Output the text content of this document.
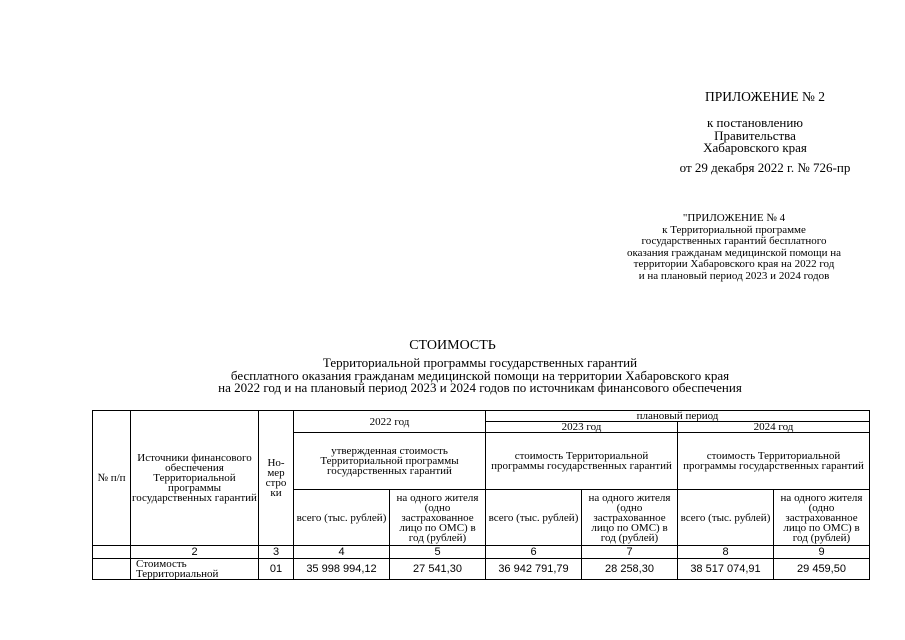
ПРИЛОЖЕНИЕ № 2
к постановлению
Правительства
Хабаровского края
от 29 декабря 2022 г. № 726-пр
"ПРИЛОЖЕНИЕ № 4
к Территориальной программе
государственных гарантий бесплатного
оказания гражданам медицинской помощи на
территории Хабаровского края на 2022 год
и на плановый период 2023 и 2024 годов
СТОИМОСТЬ
Территориальной программы государственных гарантий
бесплатного оказания гражданам медицинской помощи на территории Хабаровского края
на 2022 год и на плановый период 2023 и 2024 годов по источникам финансового обеспечения
№ п/п	Источники финансового обеспечения Территориальной программы государственных гарантий	Но-мер стро ки	2022 год		плановый период			
					2023 год		2024 год	
			утвержденная стоимость Территориальной программы государственных гарантий		стоимость Территориальной программы государственных гарантий		стоимость Территориальной программы государственных гарантий	
			всего (тыс. рублей)	на одного жителя (одно застрахованное лицо по ОМС) в год (рублей)	всего (тыс. рублей)	на одного жителя (одно застрахованное лицо по ОМС) в год (рублей)	всего (тыс. рублей)	на одного жителя (одно застрахованное лицо по ОМС) в год (рублей)
	2	3	4	5	6	7	8	9
	Стоимость Территориальной	01	35 998 994,12	27 541,30	36 942 791,79	28 258,30	38 517 074,91	29 459,50
